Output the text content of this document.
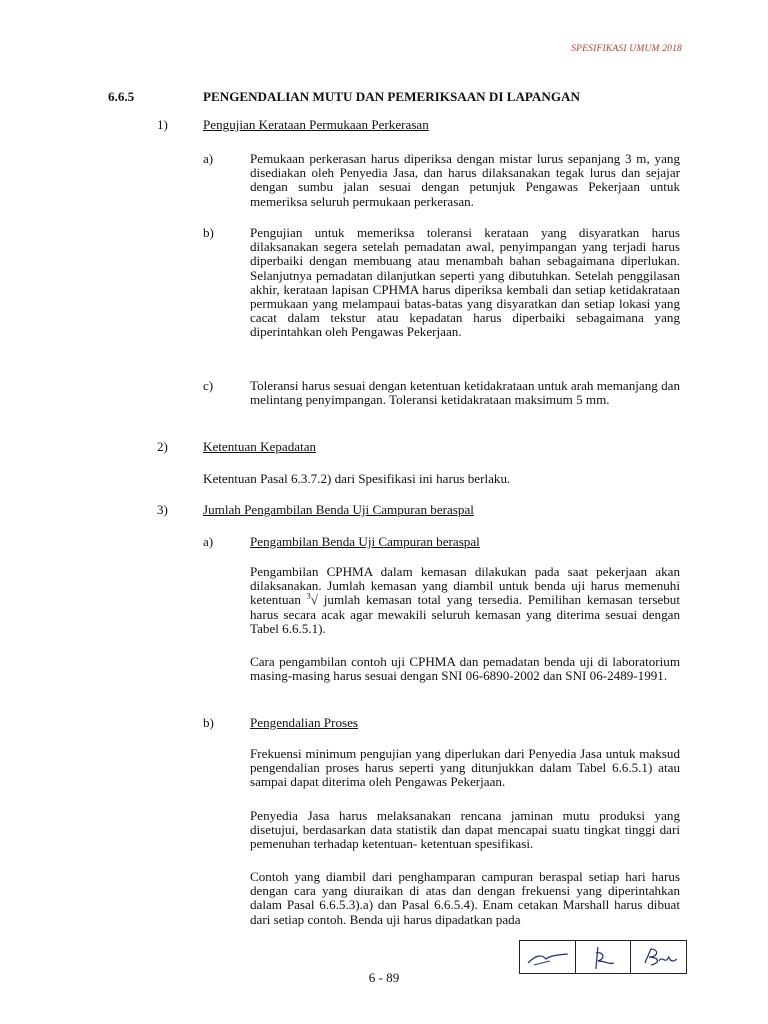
SPESIFIKASI UMUM 2018
6.6.5	PENGENDALIAN MUTU DAN PEMERIKSAAN DI LAPANGAN
1)	Pengujian Kerataan Permukaan Perkerasan
a)	Pemukaan perkerasan harus diperiksa dengan mistar lurus sepanjang 3 m, yang disediakan oleh Penyedia Jasa, dan harus dilaksanakan tegak lurus dan sejajar dengan sumbu jalan sesuai dengan petunjuk Pengawas Pekerjaan untuk memeriksa seluruh permukaan perkerasan.
b)	Pengujian untuk memeriksa toleransi kerataan yang disyaratkan harus dilaksanakan segera setelah pemadatan awal, penyimpangan yang terjadi harus diperbaiki dengan membuang atau menambah bahan sebagaimana diperlukan. Selanjutnya pemadatan dilanjutkan seperti yang dibutuhkan. Setelah penggilasan akhir, kerataan lapisan CPHMA harus diperiksa kembali dan setiap ketidakrataan permukaan yang melampaui batas-batas yang disyaratkan dan setiap lokasi yang cacat dalam tekstur atau kepadatan harus diperbaiki sebagaimana yang diperintahkan oleh Pengawas Pekerjaan.
c)	Toleransi harus sesuai dengan ketentuan ketidakrataan untuk arah memanjang dan melintang penyimpangan. Toleransi ketidakrataan maksimum 5 mm.
2)	Ketentuan Kepadatan
Ketentuan Pasal 6.3.7.2) dari Spesifikasi ini harus berlaku.
3)	Jumlah Pengambilan Benda Uji Campuran beraspal
a)	Pengambilan Benda Uji Campuran beraspal
Pengambilan CPHMA dalam kemasan dilakukan pada saat pekerjaan akan dilaksanakan. Jumlah kemasan yang diambil untuk benda uji harus memenuhi ketentuan $^3$√ jumlah kemasan total yang tersedia. Pemilihan kemasan tersebut harus secara acak agar mewakili seluruh kemasan yang diterima sesuai dengan Tabel 6.6.5.1).
Cara pengambilan contoh uji CPHMA dan pemadatan benda uji di laboratorium masing-masing harus sesuai dengan SNI 06-6890-2002 dan SNI 06-2489-1991.
b)	Pengendalian Proses
Frekuensi minimum pengujian yang diperlukan dari Penyedia Jasa untuk maksud pengendalian proses harus seperti yang ditunjukkan dalam Tabel 6.6.5.1) atau sampai dapat diterima oleh Pengawas Pekerjaan.
Penyedia Jasa harus melaksanakan rencana jaminan mutu produksi yang disetujui, berdasarkan data statistik dan dapat mencapai suatu tingkat tinggi dari pemenuhan terhadap ketentuan- ketentuan spesifikasi.
Contoh yang diambil dari penghamparan campuran beraspal setiap hari harus dengan cara yang diuraikan di atas dan dengan frekuensi yang diperintahkan dalam Pasal 6.6.5.3).a) dan Pasal 6.6.5.4). Enam cetakan Marshall harus dibuat dari setiap contoh. Benda uji harus dipadatkan pada
6 - 89
